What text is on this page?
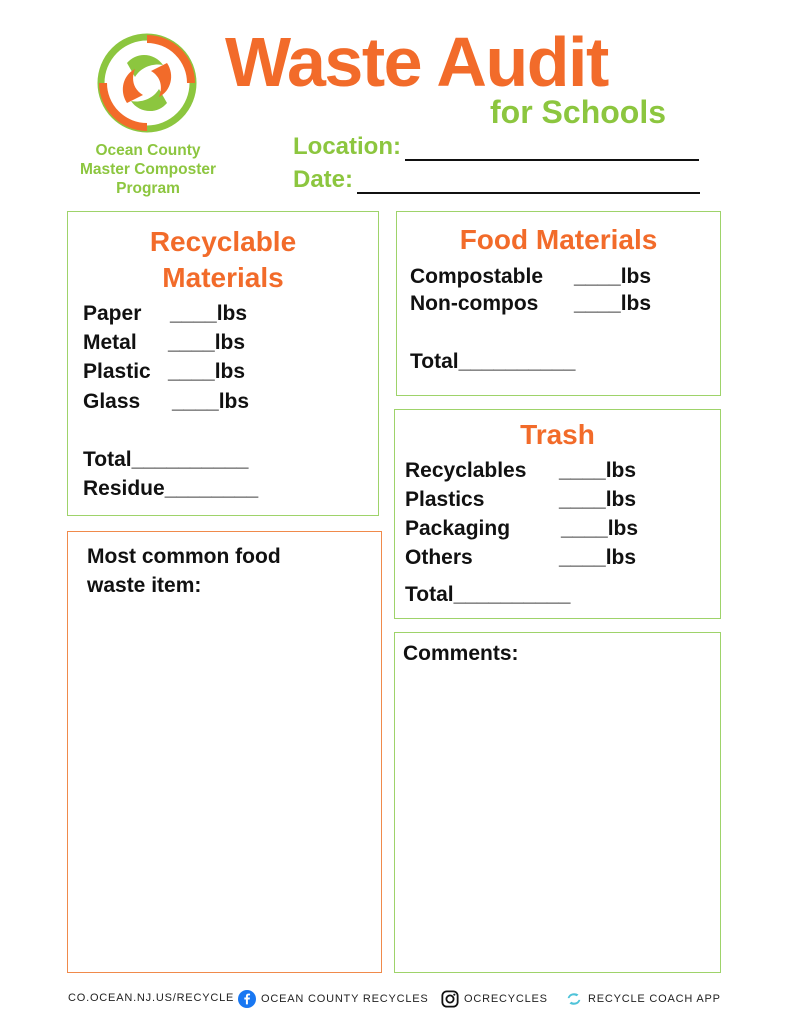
Ocean County
Master Composter
Program
Waste Audit
for Schools
Location:
Date:
Recyclable
Materials
Paper ____lbs
Metal ____lbs
Plastic ____lbs
Glass ____lbs
Total__________
Residue________
Food Materials
Compostable ____lbs
Non-compos ____lbs
Total__________
Trash
Recyclables ____lbs
Plastics	____lbs
Packaging ____lbs
Others	____lbs
Total__________
Most common food
waste item:
Comments:
CO.OCEAN.NJ.US/RECYCLE OCEAN COUNTY RECYCLES	OCRECYCLES	RECYCLE COACH APP
